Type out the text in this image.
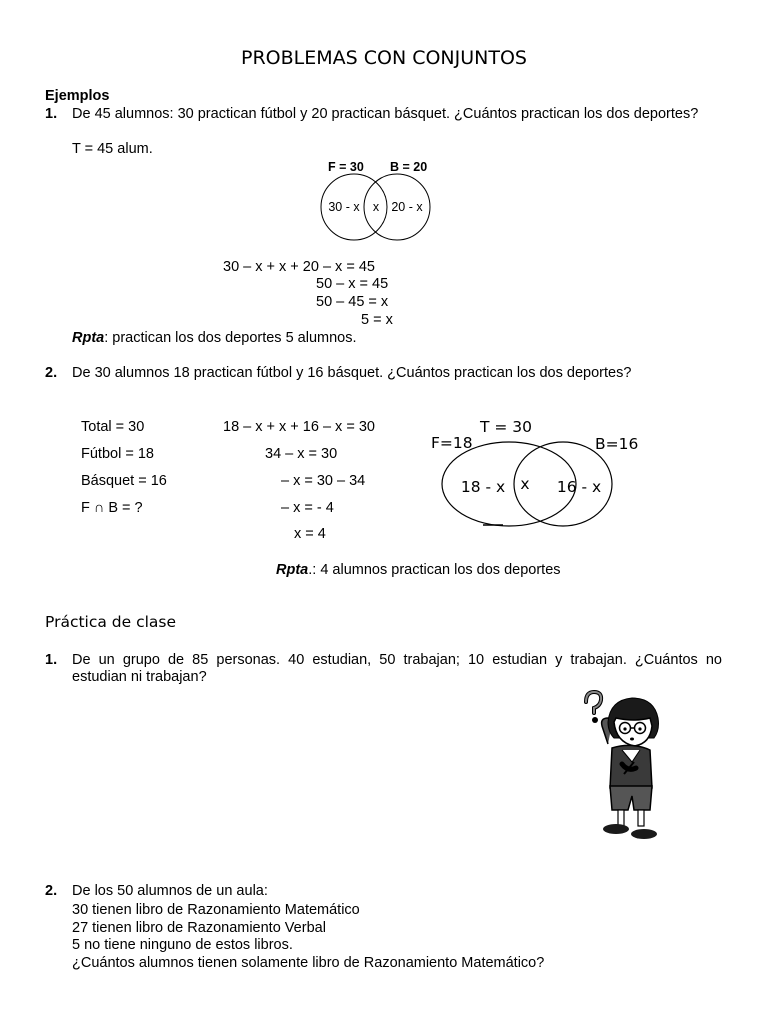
PROBLEMAS CON CONJUNTOS
Ejemplos
1. De 45 alumnos: 30 practican fútbol y 20 practican básquet. ¿Cuántos practican los dos deportes?
T = 45 alum.
F = 30 B = 20
30 - x x 20 - x
30 – x + x + 20 – x = 45
50 – x = 45
50 – 45 = x
5 = x
Rpta: practican los dos deportes 5 alumnos.
2. De 30 alumnos 18 practican fútbol y 16 básquet. ¿Cuántos practican los dos deportes?
Total = 30
Fútbol = 18
Básquet = 16
F ∩ B = ?
18 – x + x + 16 – x = 30
34 – x = 30
– x = 30 – 34
– x = - 4
x = 4
T = 30
F=18	B=16
18 - x x 16 - x
Rpta.: 4 alumnos practican los dos deportes
Práctica de clase
1. De un grupo de 85 personas. 40 estudian, 50 trabajan; 10 estudian y trabajan. ¿Cuántos no
estudian ni trabajan?
2. De los 50 alumnos de un aula:
30 tienen libro de Razonamiento Matemático
27 tienen libro de Razonamiento Verbal
5 no tiene ninguno de estos libros.
¿Cuántos alumnos tienen solamente libro de Razonamiento Matemático?
